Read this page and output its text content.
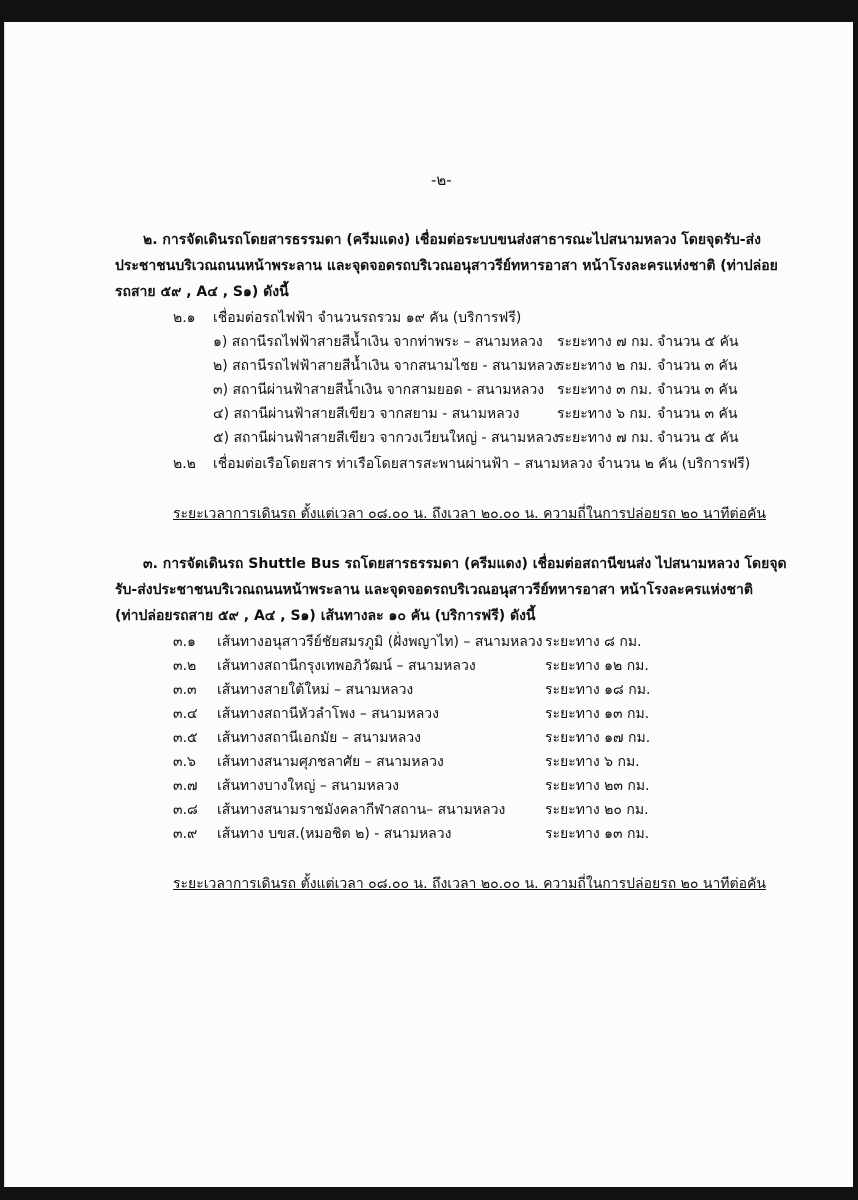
-๒-
๒. การจัดเดินรถโดยสารธรรมดา (ครีมแดง) เชื่อมต่อระบบขนส่งสาธารณะไปสนามหลวง โดยจุดรับ-ส่ง
ประชาชนบริเวณถนนหน้าพระลาน และจุดจอดรถบริเวณอนุสาวรีย์ทหารอาสา หน้าโรงละครแห่งชาติ (ท่าปล่อย
รถสาย ๕๙ , A๔ , S๑) ดังนี้
๒.๑ เชื่อมต่อรถไฟฟ้า จำนวนรถรวม ๑๙ คัน (บริการฟรี)
๑) สถานีรถไฟฟ้าสายสีน้ำเงิน จากท่าพระ – สนามหลวง ระยะทาง ๗ กม. จำนวน ๕ คัน
๒) สถานีรถไฟฟ้าสายสีน้ำเงิน จากสนามไชย - สนามหลวง
ระยะทาง ๒ กม. จำนวน ๓ คัน
๓) สถานีผ่านฟ้าสายสีน้ำเงิน จากสามยอด - สนามหลวง ระยะทาง ๓ กม. จำนวน ๓ คัน
๔) สถานีผ่านฟ้าสายสีเขียว จากสยาม - สนามหลวง	ระยะทาง ๖ กม. จำนวน ๓ คัน
๕) สถานีผ่านฟ้าสายสีเขียว จากวงเวียนใหญ่ - สนามหลวง
ระยะทาง ๗ กม. จำนวน ๕ คัน
๒.๒ เชื่อมต่อเรือโดยสาร ท่าเรือโดยสารสะพานผ่านฟ้า – สนามหลวง จำนวน ๒ คัน (บริการฟรี)
ระยะเวลาการเดินรถ ตั้งแต่เวลา ๐๘.๐๐ น. ถึงเวลา ๒๐.๐๐ น. ความถี่ในการปล่อยรถ ๒๐ นาทีต่อคัน
๓. การจัดเดินรถ Shuttle Bus รถโดยสารธรรมดา (ครีมแดง) เชื่อมต่อสถานีขนส่ง ไปสนามหลวง โดยจุด
รับ-ส่งประชาชนบริเวณถนนหน้าพระลาน และจุดจอดรถบริเวณอนุสาวรีย์ทหารอาสา หน้าโรงละครแห่งชาติ
(ท่าปล่อยรถสาย ๕๙ , A๔ , S๑) เส้นทางละ ๑๐ คัน (บริการฟรี) ดังนี้
๓.๑ เส้นทางอนุสาวรีย์ชัยสมรภูมิ (ฝั่งพญาไท) – สนามหลวง ระยะทาง ๘ กม.
๓.๒ เส้นทางสถานีกรุงเทพอภิวัฒน์ – สนามหลวง	ระยะทาง ๑๒ กม.
๓.๓ เส้นทางสายใต้ใหม่ – สนามหลวง	ระยะทาง ๑๘ กม.
๓.๔ เส้นทางสถานีหัวลำโพง – สนามหลวง	ระยะทาง ๑๓ กม.
๓.๕ เส้นทางสถานีเอกมัย – สนามหลวง	ระยะทาง ๑๗ กม.
๓.๖ เส้นทางสนามศุภชลาศัย – สนามหลวง	ระยะทาง ๖ กม.
๓.๗ เส้นทางบางใหญ่ – สนามหลวง	ระยะทาง ๒๓ กม.
๓.๘ เส้นทางสนามราชมังคลากีฬาสถาน– สนามหลวง	ระยะทาง ๒๐ กม.
๓.๙ เส้นทาง บขส.(หมอชิต ๒) - สนามหลวง	ระยะทาง ๑๓ กม.
ระยะเวลาการเดินรถ ตั้งแต่เวลา ๐๘.๐๐ น. ถึงเวลา ๒๐.๐๐ น. ความถี่ในการปล่อยรถ ๒๐ นาทีต่อคัน
